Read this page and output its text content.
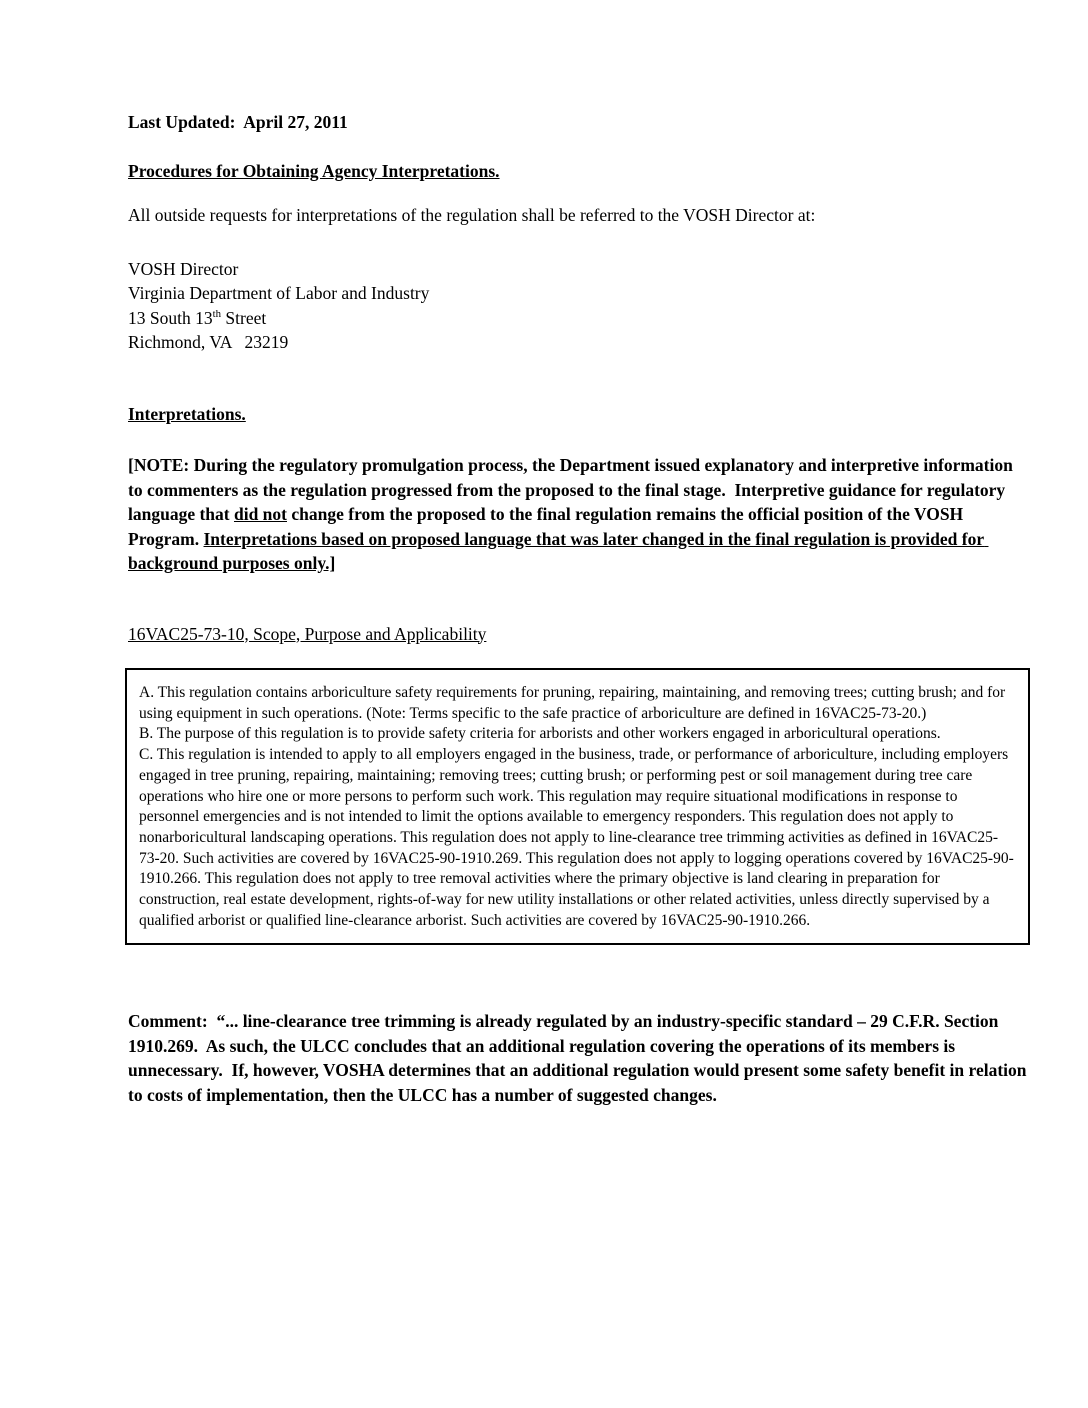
Last Updated:  April 27, 2011

Procedures for Obtaining Agency Interpretations.

All outside requests for interpretations of the regulation shall be referred to the VOSH Director at:

VOSH Director

Virginia Department of Labor and Industry

13 South 13th Street

Richmond, VA   23219

Interpretations.

[NOTE: During the regulatory promulgation process, the Department issued explanatory and interpretive information to commenters as the regulation progressed from the proposed to the final stage.  Interpretive guidance for regulatory language that did not change from the proposed to the final regulation remains the official position of the VOSH Program. Interpretations based on proposed language that was later changed in the final regulation is provided for background purposes only.]

16VAC25-73-10, Scope, Purpose and Applicability

A. This regulation contains arboriculture safety requirements for pruning, repairing, maintaining, and removing trees; cutting brush; and for using equipment in such operations. (Note: Terms specific to the safe practice of arboriculture are defined in 16VAC25-73-20.)

B. The purpose of this regulation is to provide safety criteria for arborists and other workers engaged in arboricultural operations.

C. This regulation is intended to apply to all employers engaged in the business, trade, or performance of arboriculture, including employers engaged in tree pruning, repairing, maintaining; removing trees; cutting brush; or performing pest or soil management during tree care operations who hire one or more persons to perform such work. This regulation may require situational modifications in response to personnel emergencies and is not intended to limit the options available to emergency responders. This regulation does not apply to nonarboricultural landscaping operations. This regulation does not apply to line-clearance tree trimming activities as defined in 16VAC25-73-20. Such activities are covered by 16VAC25-90-1910.269. This regulation does not apply to logging operations covered by 16VAC25-90-1910.266. This regulation does not apply to tree removal activities where the primary objective is land clearing in preparation for construction, real estate development, rights-of-way for new utility installations or other related activities, unless directly supervised by a qualified arborist or qualified line-clearance arborist. Such activities are covered by 16VAC25-90-1910.266.

Comment:  “... line-clearance tree trimming is already regulated by an industry-specific standard – 29 C.F.R. Section 1910.269.  As such, the ULCC concludes that an additional regulation covering the operations of its members is unnecessary.  If, however, VOSHA determines that an additional regulation would present some safety benefit in relation to costs of implementation, then the ULCC has a number of suggested changes.
